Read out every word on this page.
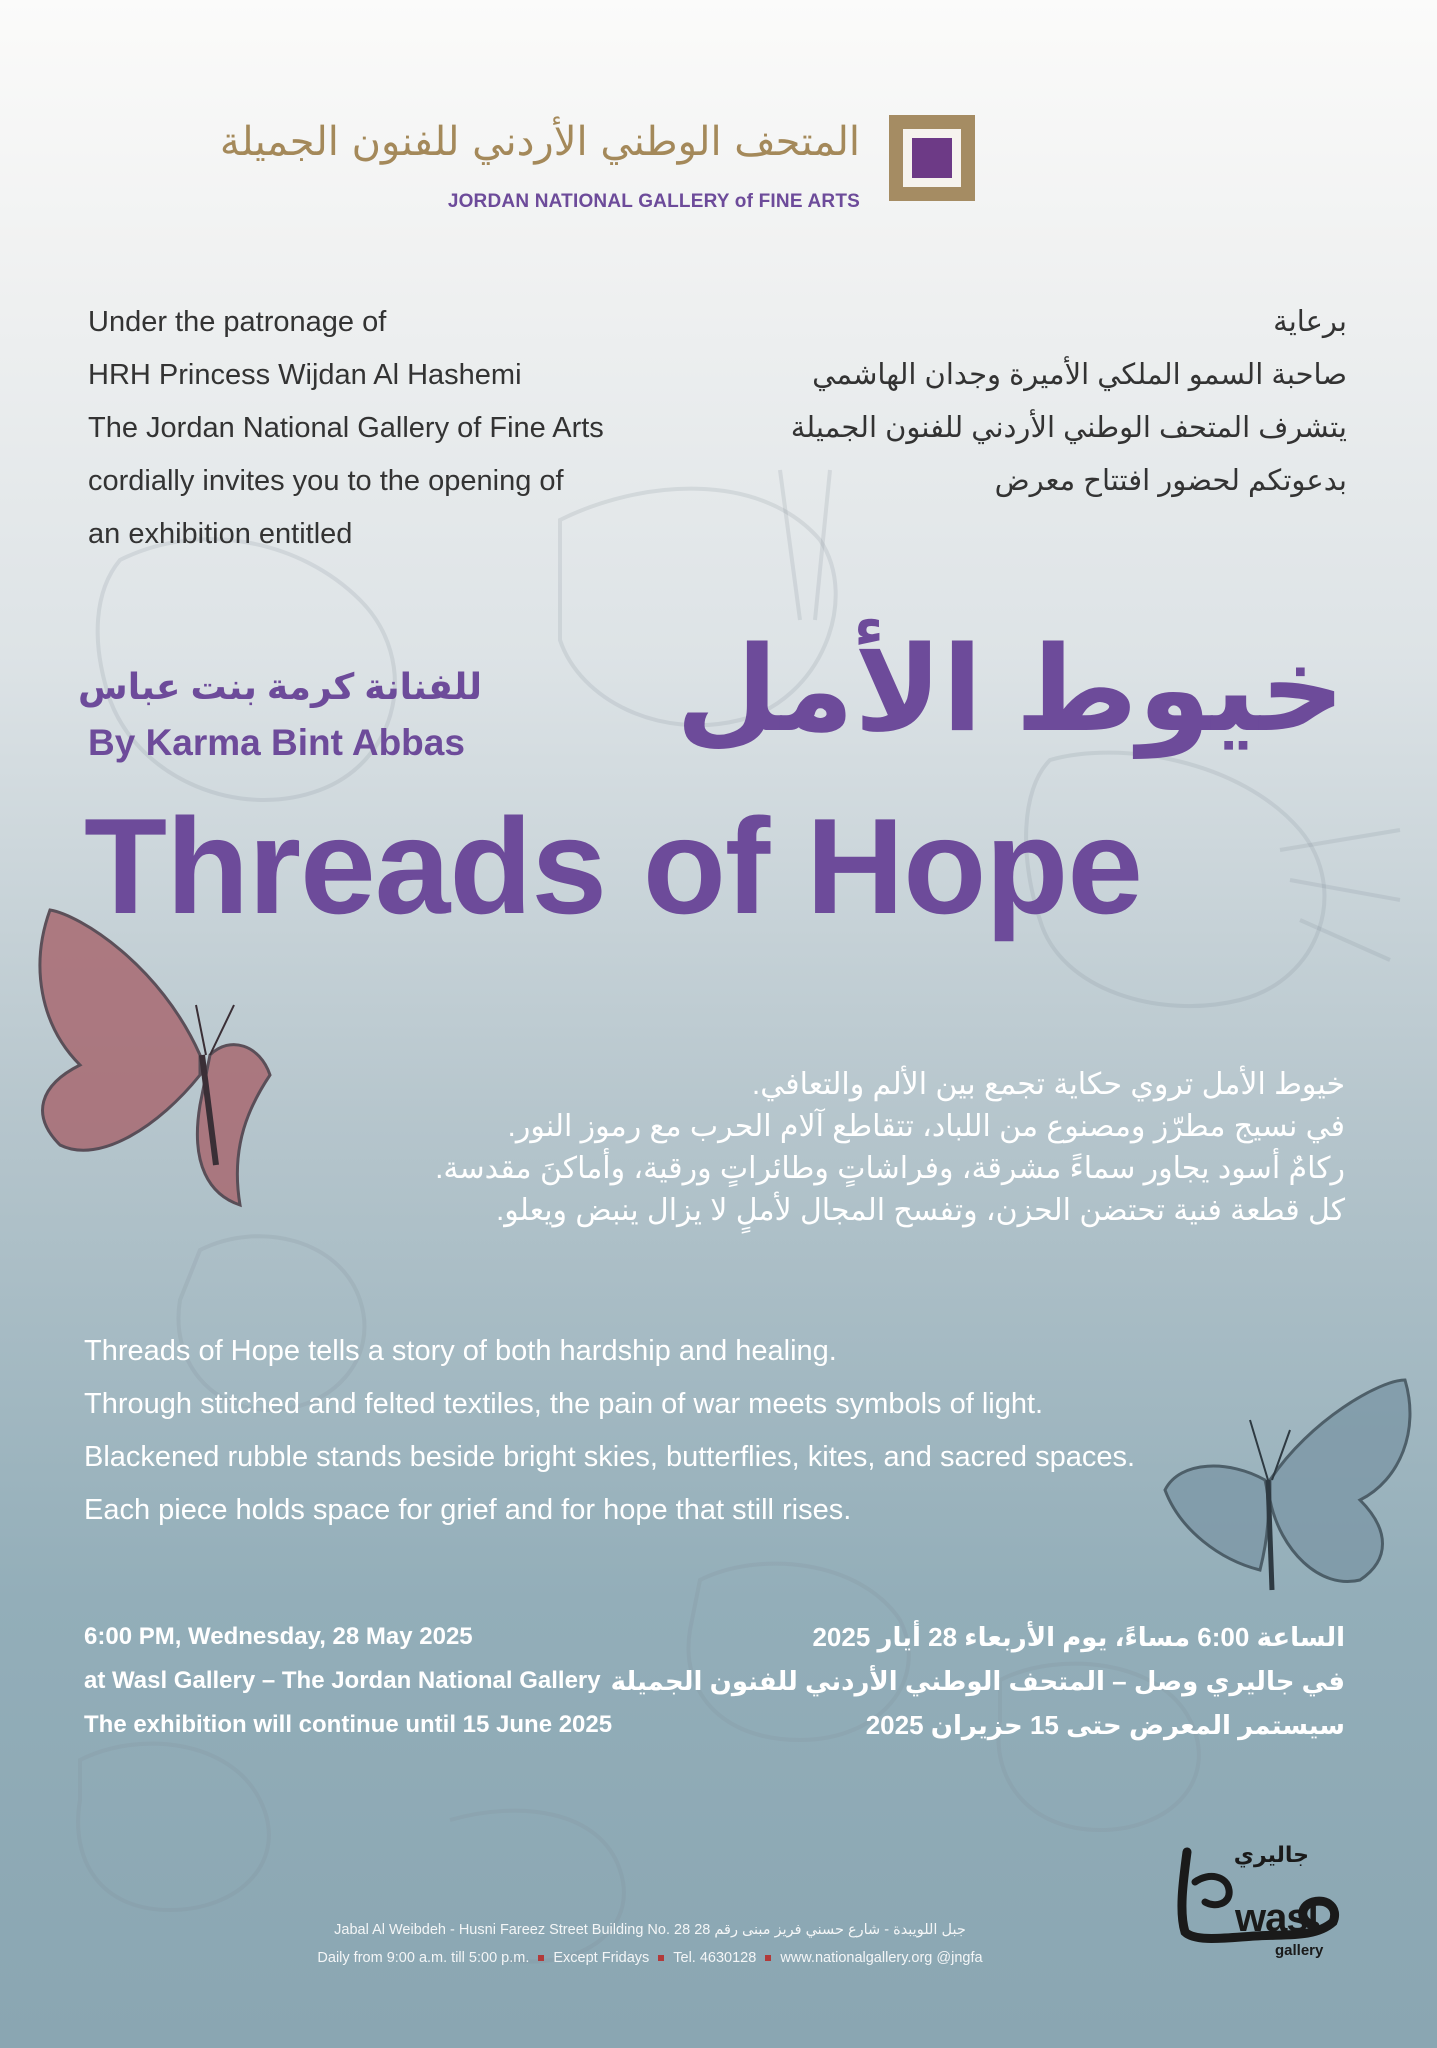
المتحف الوطني الأردني للفنون الجميلة
JORDAN NATIONAL GALLERY of FINE ARTS
Under the patronage of
HRH Princess Wijdan Al Hashemi
The Jordan National Gallery of Fine Arts
cordially invites you to the opening of
an exhibition entitled
برعاية
صاحبة السمو الملكي الأميرة وجدان الهاشمي
يتشرف المتحف الوطني الأردني للفنون الجميلة
بدعوتكم لحضور افتتاح معرض
للفنانة كرمة بنت عباس
By Karma Bint Abbas خيوط الأمل
Threads of Hope
خيوط الأمل تروي حكاية تجمع بين الألم والتعافي.
في نسيج مطرّز ومصنوع من اللباد، تتقاطع آلام الحرب مع رموز النور.
ركامٌ أسود يجاور سماءً مشرقة، وفراشاتٍ وطائراتٍ ورقية، وأماكنَ مقدسة.
كل قطعة فنية تحتضن الحزن، وتفسح المجال لأملٍ لا يزال ينبض ويعلو.
Threads of Hope tells a story of both hardship and healing.
Through stitched and felted textiles, the pain of war meets symbols of light.
Blackened rubble stands beside bright skies, butterflies, kites, and sacred spaces.
Each piece holds space for grief and for hope that still rises.
6:00 PM, Wednesday, 28 May 2025
at Wasl Gallery – The Jordan National Gallery
The exhibition will continue until 15 June 2025
الساعة 6:00 مساءً، يوم الأربعاء 28 أيار 2025
في جاليري وصل – المتحف الوطني الأردني للفنون الجميلة
سيستمر المعرض حتى 15 حزيران 2025
Jabal Al Weibdeh - Husni Fareez Street Building No. 28 جبل اللويبدة - شارع حسني فريز مبنى رقم 28
Daily from 9:00 a.m. till 5:00 p.m. Except Fridays Tel. 4630128 www.nationalgallery.org @jngfa
جاليري
wasl
gallery
